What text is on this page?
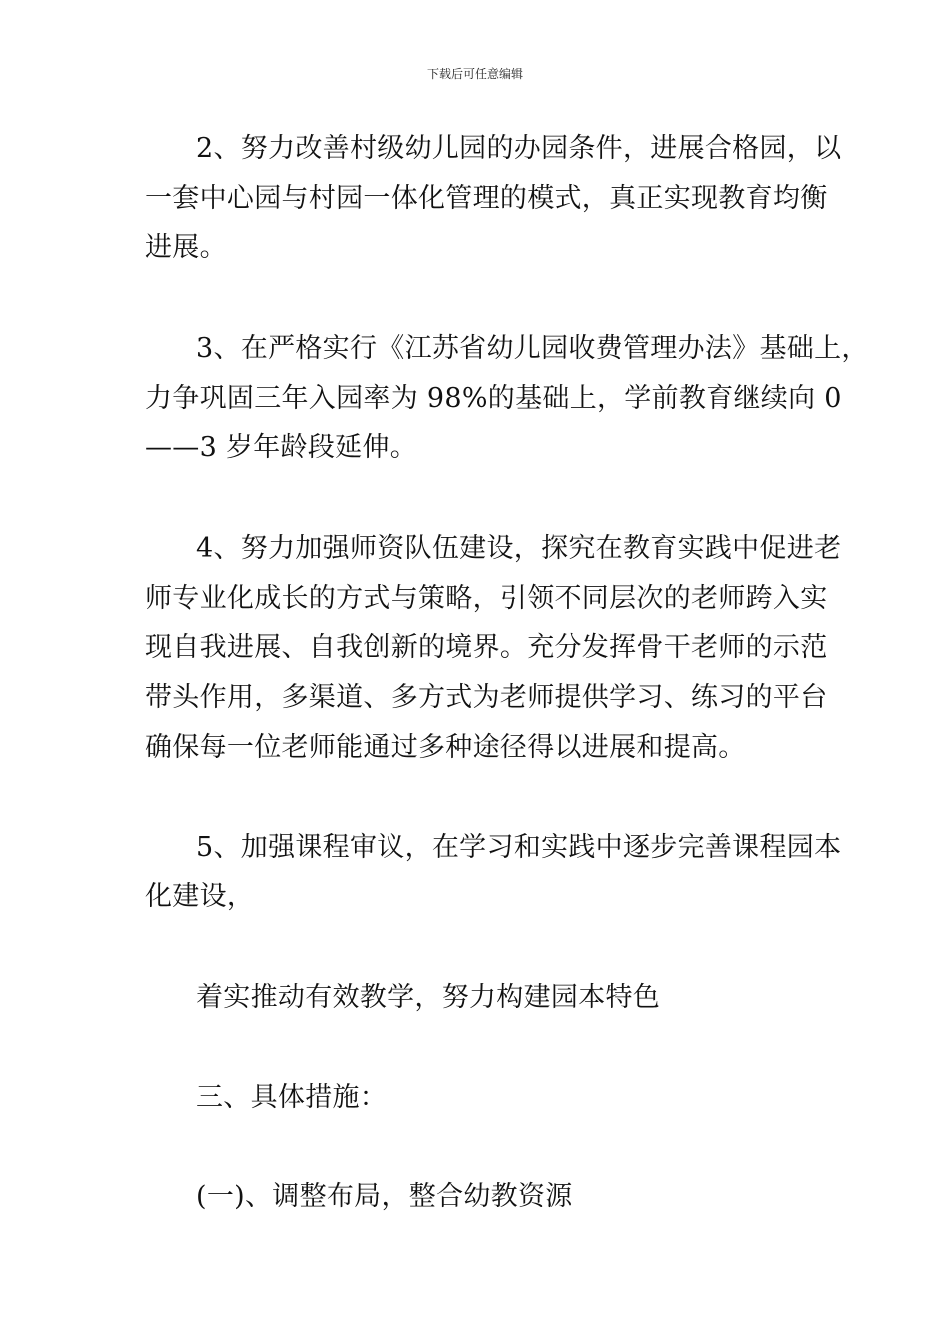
下载后可任意编辑
2、努力改善村级幼儿园的办园条件，进展合格园，以
一套中心园与村园一体化管理的模式，真正实现教育均衡
进展。
3、在严格实行《江苏省幼儿园收费管理办法》基础上，
力争巩固三年入园率为 98%的基础上，学前教育继续向 0
——3 岁年龄段延伸。
4、努力加强师资队伍建设，探究在教育实践中促进老
师专业化成长的方式与策略，引领不同层次的老师跨入实
现自我进展、自我创新的境界。充分发挥骨干老师的示范
带头作用，多渠道、多方式为老师提供学习、练习的平台
确保每一位老师能通过多种途径得以进展和提高。
5、加强课程审议，在学习和实践中逐步完善课程园本
化建设，
着实推动有效教学，努力构建园本特色
三、具体措施：
(一)、调整布局，整合幼教资源
